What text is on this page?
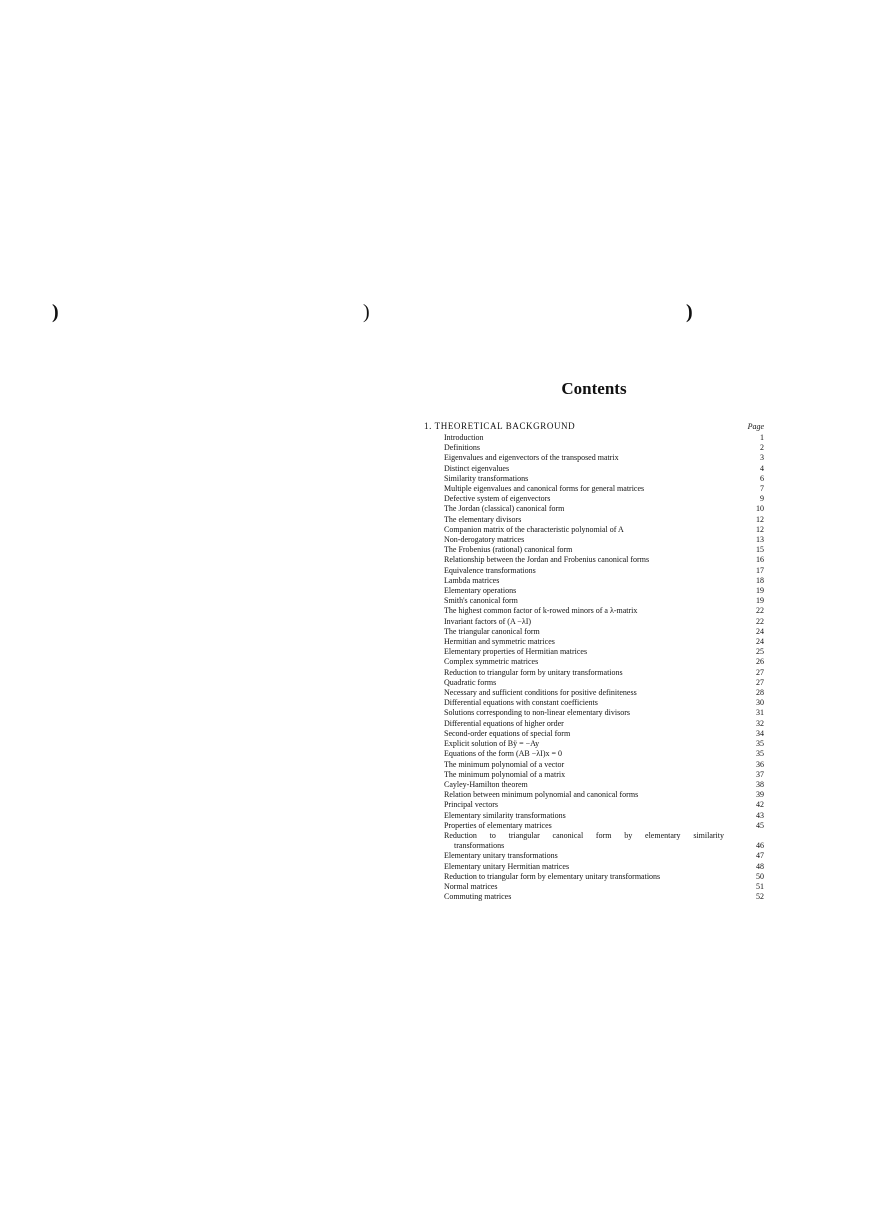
)	)	)
Contents
1. THEORETICAL BACKGROUND	Page
Introduction	1
Definitions	2
Eigenvalues and eigenvectors of the transposed matrix	3
Distinct eigenvalues	4
Similarity transformations	6
Multiple eigenvalues and canonical forms for general matrices	7
Defective system of eigenvectors	9
The Jordan (classical) canonical form	10
The elementary divisors	12
Companion matrix of the characteristic polynomial of A	12
Non-derogatory matrices	13
The Frobenius (rational) canonical form	15
Relationship between the Jordan and Frobenius canonical forms	16
Equivalence transformations	17
Lambda matrices	18
Elementary operations	19
Smith's canonical form	19
The highest common factor of k-rowed minors of a λ-matrix	22
Invariant factors of (A −λI)	22
The triangular canonical form	24
Hermitian and symmetric matrices	24
Elementary properties of Hermitian matrices	25
Complex symmetric matrices	26
Reduction to triangular form by unitary transformations	27
Quadratic forms	27
Necessary and sufficient conditions for positive definiteness	28
Differential equations with constant coefficients	30
Solutions corresponding to non-linear elementary divisors	31
Differential equations of higher order	32
Second-order equations of special form	34
Explicit solution of Bÿ = −Ay	35
Equations of the form (AB −λI)x = 0	35
The minimum polynomial of a vector	36
The minimum polynomial of a matrix	37
Cayley-Hamilton theorem	38
Relation between minimum polynomial and canonical forms	39
Principal vectors	42
Elementary similarity transformations	43
Properties of elementary matrices	45
Reduction to triangular canonical form by elementary similarity
transformations	46
Elementary unitary transformations	47
Elementary unitary Hermitian matrices	48
Reduction to triangular form by elementary unitary transformations	50
Normal matrices	51
Commuting matrices	52
